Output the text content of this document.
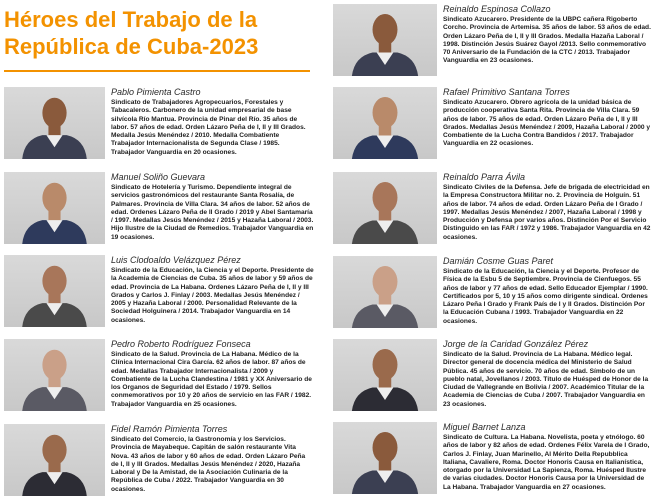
Héroes del Trabajo de la
República de Cuba-2023
Pablo Pimienta Castro
Sindicato de Trabajadores Agropecuarios, Forestales y Tabacaleros. Carbonero de la unidad empresarial de base silvícola Río Mantua. Provincia de Pinar del Río. 35 años de labor. 57 años de edad. Orden Lázaro Peña de I, II y III Grados. Medalla Jesús Menéndez / 2010. Medalla Combatiente Trabajador Internacionalista de Segunda Clase / 1985. Trabajador Vanguardia en 20 ocasiones.
Manuel Soliño Guevara
Sindicato de Hotelería y Turismo. Dependiente integral de servicios gastronómicos del restaurante Santa Rosalía, de Palmares. Provincia de Villa Clara. 34 años de labor. 52 años de edad. Ordenes Lázaro Peña de II Grado / 2019 y Abel Santamaría / 1997. Medallas Jesús Menéndez / 2015 y Hazaña Laboral / 2003. Hijo Ilustre de la Ciudad de Remedios. Trabajador Vanguardia en 19 ocasiones.
Luis Clodoaldo Velázquez Pérez
Sindicato de la Educación, la Ciencia y el Deporte. Presidente de la Academia de Ciencias de Cuba. 35 años de labor y 59 años de edad. Provincia de La Habana. Ordenes Lázaro Peña de I, II y III Grados y Carlos J. Finlay / 2003. Medallas Jesús Menéndez / 2005 y Hazaña Laboral / 2000. Personalidad Relevante de la Sociedad Holguinera / 2014. Trabajador Vanguardia en 14 ocasiones.
Pedro Roberto Rodríguez Fonseca
Sindicato de la Salud. Provincia de La Habana. Médico de la Clínica Internacional Cira García. 62 años de labor. 87 años de edad. Medallas Trabajador Internacionalista / 2009 y Combatiente de la Lucha Clandestina / 1981 y XX Aniversario de los Organos de Seguridad del Estado / 1979. Sellos conmemorativos por 10 y 20 años de servicio en las FAR / 1982. Trabajador Vanguardia en 25 ocasiones.
Fidel Ramón Pimienta Torres
Sindicato del Comercio, la Gastronomía y los Servicios. Provincia de Mayabeque. Capitán de salón restaurante Vita Nova. 43 años de labor y 60 años de edad. Orden Lázaro Peña de I, II y III Grados. Medallas Jesús Menéndez / 2020, Hazaña Laboral y De la Amistad, de la Asociación Culinaria de la República de Cuba / 2022. Trabajador Vanguardia en 30 ocasiones.
Reinaldo Espinosa Collazo
Sindicato Azucarero. Presidente de la UBPC cañera Rigoberto Corcho. Provincia de Artemisa. 35 años de labor. 53 años de edad. Orden Lázaro Peña de I, II y III Grados. Medalla Hazaña Laboral / 1998. Distinción Jesús Suárez Gayol /2013. Sello conmemorativo 70 Aniversario de la Fundación de la CTC / 2013. Trabajador Vanguardia en 23 ocasiones.
Rafael Primitivo Santana Torres
Sindicato Azucarero. Obrero agrícola de la unidad básica de producción cooperativa Santa Rita. Provincia de Villa Clara. 59 años de labor. 75 años de edad. Orden Lázaro Peña de I, II y III Grados. Medallas Jesús Menéndez / 2009, Hazaña Laboral / 2000 y Combatiente de la Lucha Contra Bandidos / 2017. Trabajador Vanguardia en 22 ocasiones.
Reinaldo Parra Ávila
Sindicato Civiles de la Defensa. Jefe de brigada de electricidad en la Empresa Constructora Militar no. 2. Provincia de Holguín. 51 años de labor. 74 años de edad. Orden Lázaro Peña de I Grado / 1997. Medallas Jesús Menéndez / 2007, Hazaña Laboral / 1998 y Producción y Defensa por varios años. Distinción Por el Servicio Distinguido en las FAR / 1972 y 1986. Trabajador Vanguardia en 42 ocasiones.
Damián Cosme Guas Paret
Sindicato de la Educación, la Ciencia y el Deporte. Profesor de Física de la Esbu 5 de Septiembre. Provincia de Cienfuegos. 55 años de labor y 77 años de edad. Sello Educador Ejemplar / 1990. Certificados por 5, 10 y 15 años como dirigente sindical. Ordenes Lázaro Peña I Grado y Frank País de I y II Grados. Distinción Por la Educación Cubana / 1993. Trabajador Vanguardia en 22 ocasiones.
Jorge de la Caridad González Pérez
Sindicato de la Salud. Provincia de La Habana. Médico legal. Director general de docencia médica del Ministerio de Salud Pública. 45 años de servicio. 70 años de edad. Símbolo de un pueblo natal, Jovellanos / 2003. Título de Huésped de Honor de la Ciudad de Vallegrande en Bolivia / 2007. Académico Titular de la Academia de Ciencias de Cuba / 2007. Trabajador Vanguardia en 23 ocasiones.
Miguel Barnet Lanza
Sindicato de Cultura. La Habana. Novelista, poeta y etnólogo. 60 años de labor y 82 años de edad. Ordenes Félix Varela de I Grado, Carlos J. Finlay, Juan Marinello, Al Mérito Della Repubblica Italiana, Cavaliere, Roma. Doctor Honoris Causa en Italianística, otorgado por la Universidad La Sapienza, Roma. Huésped Ilustre de varias ciudades. Doctor Honoris Causa por la Universidad de La Habana. Trabajador Vanguardia en 27 ocasiones.
